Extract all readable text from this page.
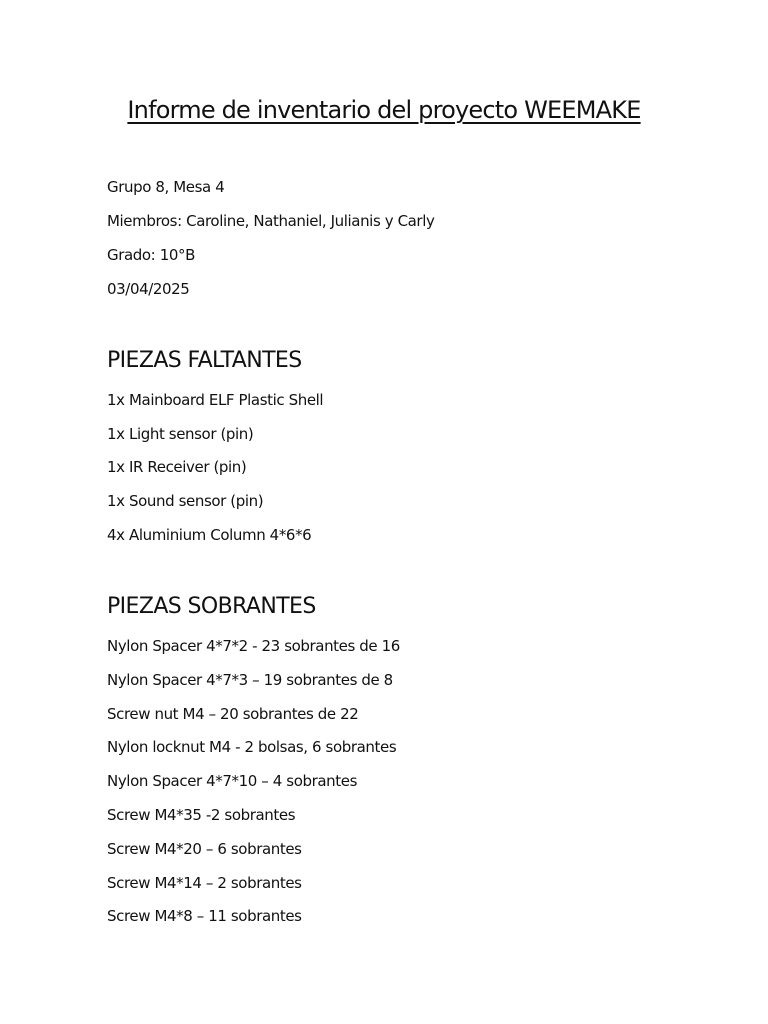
Informe de inventario del proyecto WEEMAKE

Grupo 8, Mesa 4

Miembros: Caroline, Nathaniel, Julianis y Carly

Grado: 10°B

03/04/2025

PIEZAS FALTANTES

1x Mainboard ELF Plastic Shell

1x Light sensor (pin)

1x IR Receiver (pin)

1x Sound sensor (pin)

4x Aluminium Column 4*6*6

PIEZAS SOBRANTES

Nylon Spacer 4*7*2 - 23 sobrantes de 16

Nylon Spacer 4*7*3 – 19 sobrantes de 8

Screw nut M4 – 20 sobrantes de 22

Nylon locknut M4 - 2 bolsas, 6 sobrantes

Nylon Spacer 4*7*10 – 4 sobrantes

Screw M4*35 -2 sobrantes

Screw M4*20 – 6 sobrantes

Screw M4*14 – 2 sobrantes

Screw M4*8 – 11 sobrantes
